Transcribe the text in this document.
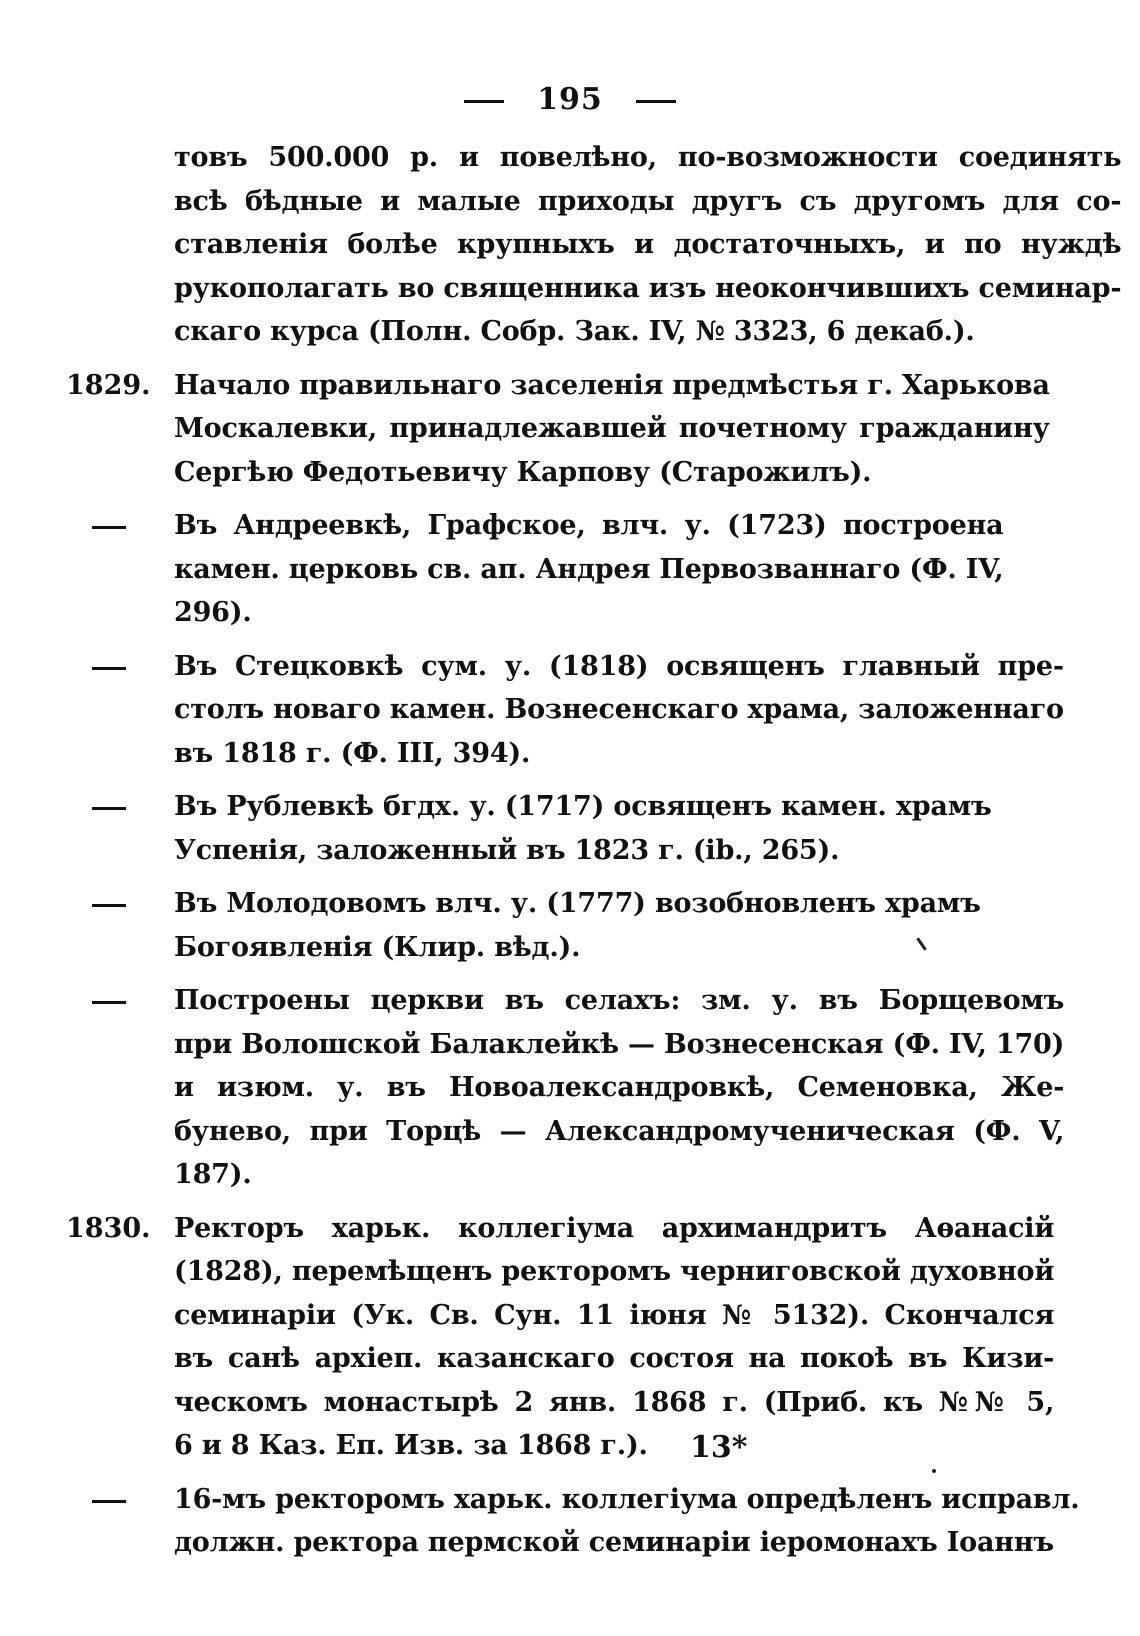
195
товъ 500.000 р. и повелѣно, по-возможности соединять
всѣ бѣдные и малые приходы другъ съ другомъ для со-
ставленія болѣе крупныхъ и достаточныхъ, и по нуждѣ
рукополагать во священника изъ неокончившихъ семинар-
скаго курса (Полн. Собр. Зак. IV, № 3323, 6 декаб.).
1829. Начало правильнаго заселенія предмѣстья г. Харькова
Москалевки, принадлежавшей почетному гражданину
Сергѣю Федотьевичу Карпову (Старожилъ).
Въ Андреевкѣ, Графское, влч. у. (1723) построена
камен. церковь св. ап. Андрея Первозваннаго (Ф. IV,
296).
Въ Стецковкѣ сум. у. (1818) освященъ главный пре-
столъ новаго камен. Вознесенскаго храма, заложеннаго
въ 1818 г. (Ф. III, 394).
Въ Рублевкѣ бгдх. у. (1717) освященъ камен. храмъ
Успенія, заложенный въ 1823 г. (ib., 265).
Въ Молодовомъ влч. у. (1777) возобновленъ храмъ
Богоявленія (Клир. вѣд.).
Построены церкви въ селахъ: зм. у. въ Борщевомъ
при Волошской Балаклейкѣ — Вознесенская (Ф. IV, 170)
и изюм. у. въ Новоалександровкѣ, Семеновка, Же-
бунево, при Торцѣ — Александромученическая (Ф. V,
187).
1830. Ректоръ харьк. коллегіума архимандритъ Аѳанасій
(1828), перемѣщенъ ректоромъ черниговской духовной
семинаріи (Ук. Св. Сун. 11 іюня № 5132). Скончался
въ санѣ архіеп. казанскаго состоя на покоѣ въ Кизи-
ческомъ монастырѣ 2 янв. 1868 г. (Приб. къ №№ 5,
6 и 8 Каз. Еп. Изв. за 1868 г.).
16-мъ ректоромъ харьк. коллегіума опредѣленъ исправл.
должн. ректора пермской семинаріи іеромонахъ Іоаннъ
13*
